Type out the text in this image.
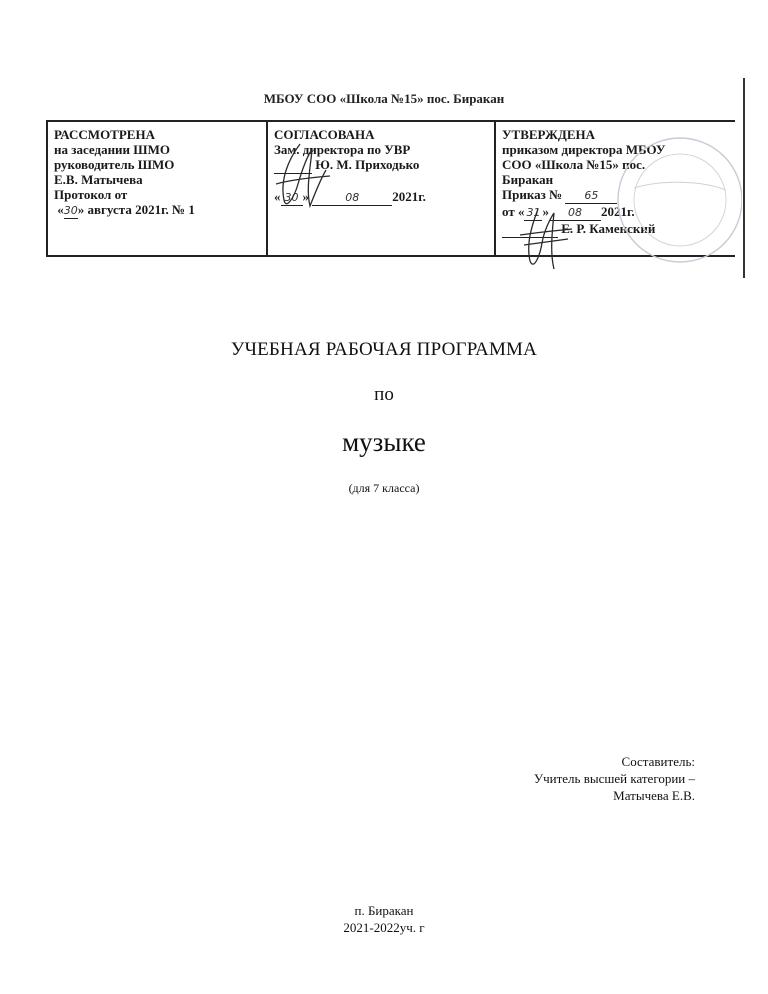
МБОУ СОО «Школа №15» пос. Биракан
РАССМОТРЕНА
на заседании ШМО
руководитель ШМО
Е.В. Матычева
Протокол от
«30» августа 2021г. № 1
СОГЛАСОВАНА
Зам. директора по УВР
Ю. М. Приходько

« 30 »	08	2021г.
УТВЕРЖДЕНА
приказом директора МБОУ
СОО «Школа №15» пос.
Биракан
Приказ № 65
от « 31 » 08 2021г.
Е. Р. Каменский
УЧЕБНАЯ РАБОЧАЯ ПРОГРАММА
по
музыке
(для 7 класса)
Составитель:
Учитель высшей категории –
Матычева Е.В.
п. Биракан
2021-2022уч. г
